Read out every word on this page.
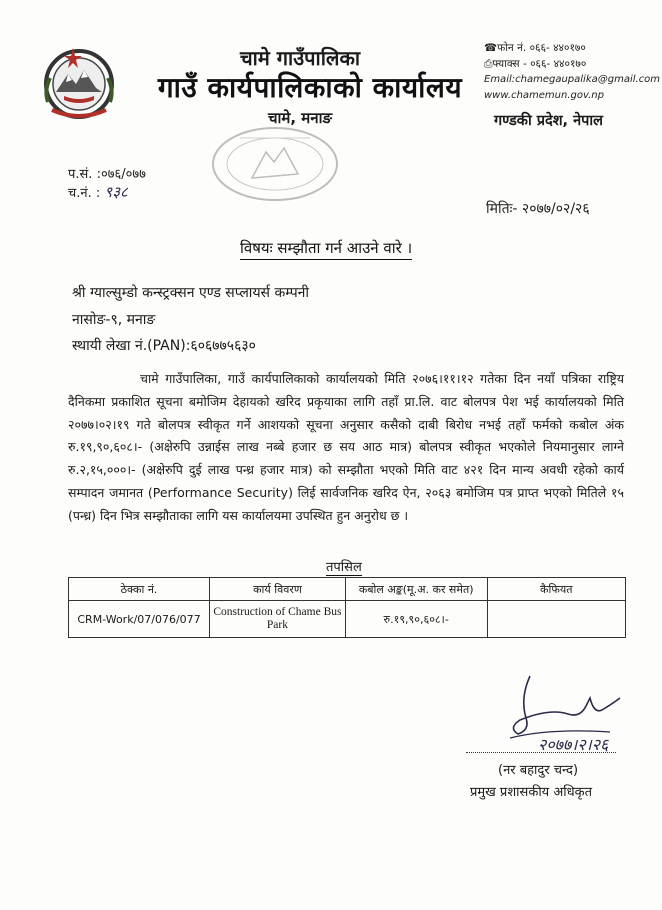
चामे गाउँपालिका
गाउँ कार्यपालिकाको कार्यालय
चामे, मनाङ
☎फोन नं. ०६६- ४४०१७०
⎙फ्याक्स - ०६६- ४४०१७०
Email:chamegaupalika@gmail.com
www.chamemun.gov.np
गण्डकी प्रदेश, नेपाल
प.सं. :०७६/०७७
च.नं. : ९३८
मितिः- २०७७/०२/२६
विषयः सम्झौता गर्न आउने वारे ।
श्री ग्याल्सुम्डो कन्स्ट्रक्सन एण्ड सप्लायर्स कम्पनी
नासोङ-९, मनाङ
स्थायी लेखा नं.(PAN):६०६७७५६३०
चामे गाउँपालिका, गाउँ कार्यपालिकाको कार्यालयको मिति २०७६।११।१२ गतेका दिन नयाँ पत्रिका राष्ट्रिय दैनिकमा प्रकाशित सूचना बमोजिम देहायको खरिद प्रकृयाका लागि तहाँ प्रा.लि. वाट बोलपत्र पेश भई कार्यालयको मिति २०७७।०२।१९ गते बोलपत्र स्वीकृत गर्ने आशयको सूचना अनुसार कसैको दाबी बिरोध नभई तहाँ फर्मको कबोल अंक रु.१९,९०,६०८।- (अक्षेरुपि उन्नाईस लाख नब्बे हजार छ सय आठ मात्र) बोलपत्र स्वीकृत भएकोले नियमानुसार लाग्ने रु.२,१५,०००।- (अक्षेरुपि दुई लाख पन्ध्र हजार मात्र) को सम्झौता भएको मिति वाट ४२१ दिन मान्य अवधी रहेको कार्य सम्पादन जमानत (Performance Security) लिई सार्वजनिक खरिद ऐन, २०६३ बमोजिम पत्र प्राप्त भएको मितिले १५ (पन्ध्र) दिन भित्र सम्झौताका लागि यस कार्यालयमा उपस्थित हुन अनुरोध छ ।
तपसिल
ठेक्का नं.	कार्य विवरण	कबोल अङ्क(मू.अ. कर समेत)	कैफियत
CRM-Work/07/076/077	Construction of Chame Bus Park	रु.१९,९०,६०८।-	
२०७७।२।२६
(नर बहादुर चन्द)
प्रमुख प्रशासकीय अधिकृत
